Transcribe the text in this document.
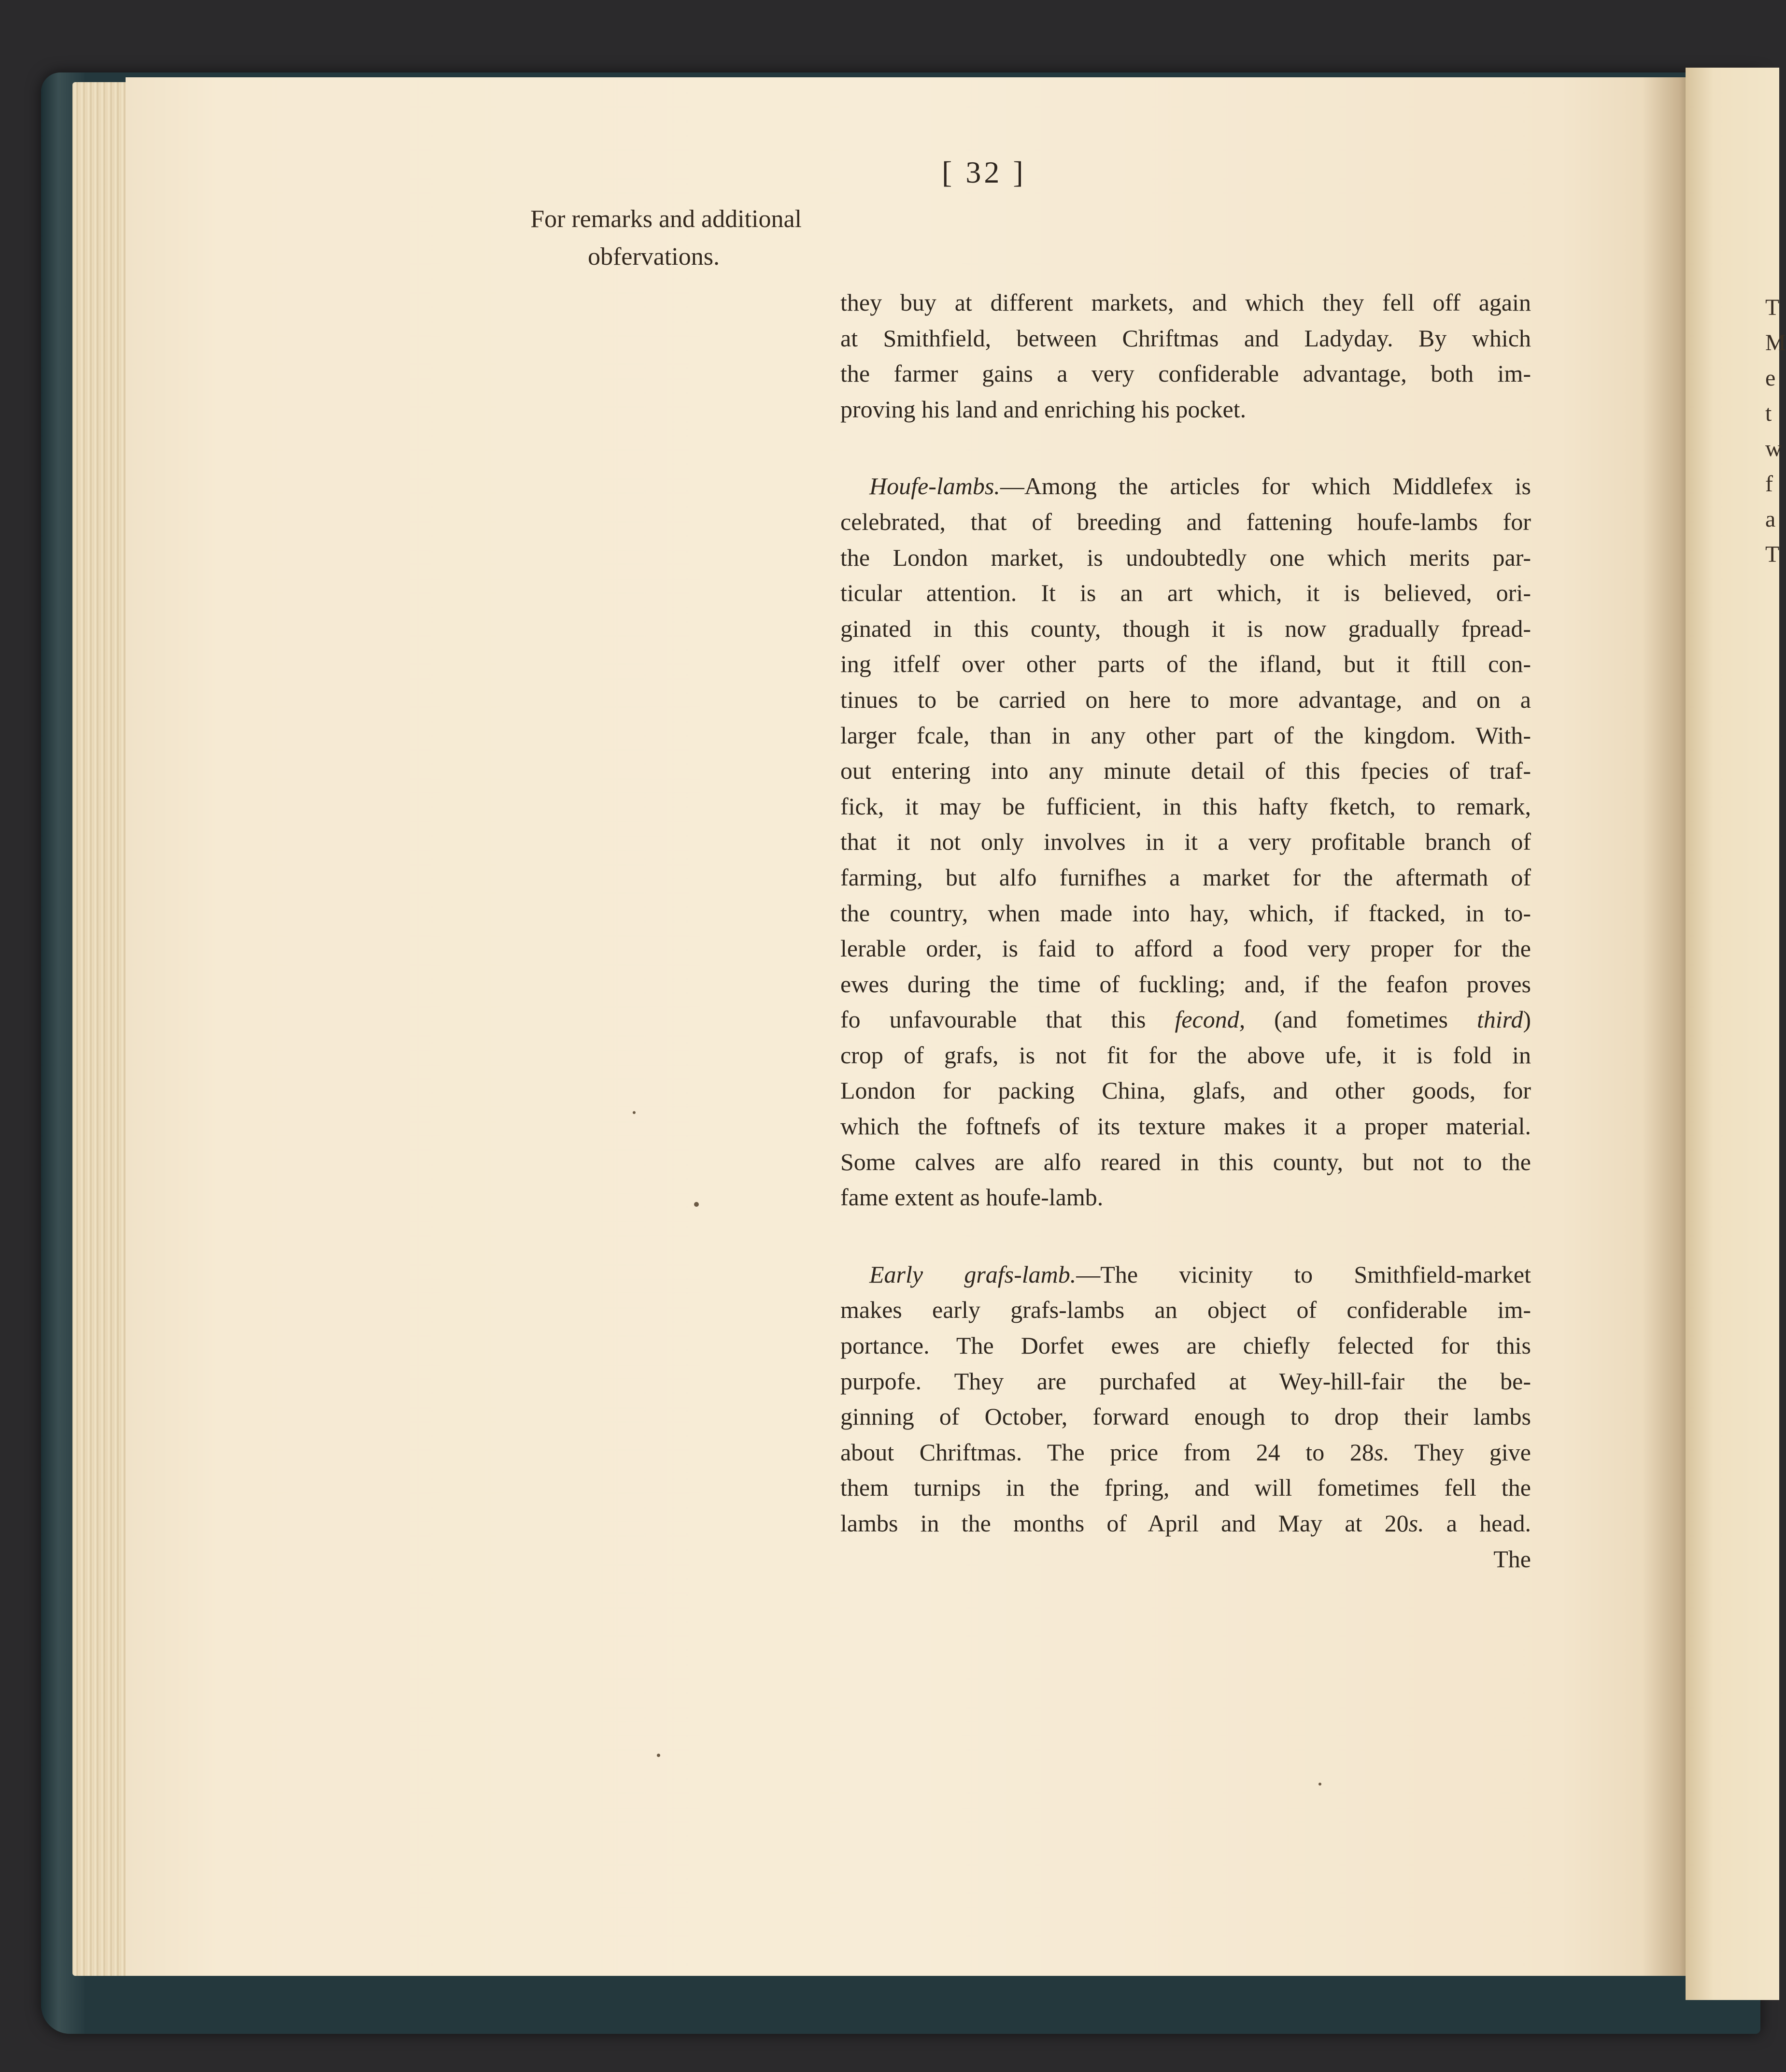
T
M
e
t
w
f
a
T
[ 32 ]
For remarks and additional
obfervations.
they buy at different markets, and which they fell off again
at Smithfield, between Chriftmas and Ladyday. By which
the farmer gains a very confiderable advantage, both im-
proving his land and enriching his pocket.
Houfe-lambs.—Among the articles for which Middlefex is
celebrated, that of breeding and fattening houfe-lambs for
the London market, is undoubtedly one which merits par-
ticular attention. It is an art which, it is believed, ori-
ginated in this county, though it is now gradually fpread-
ing itfelf over other parts of the ifland, but it ftill con-
tinues to be carried on here to more advantage, and on a
larger fcale, than in any other part of the kingdom. With-
out entering into any minute detail of this fpecies of traf-
fick, it may be fufficient, in this hafty fketch, to remark,
that it not only involves in it a very profitable branch of
farming, but alfo furnifhes a market for the aftermath of
the country, when made into hay, which, if ftacked, in to-
lerable order, is faid to afford a food very proper for the
ewes during the time of fuckling; and, if the feafon proves
fo unfavourable that this fecond, (and fometimes third)
crop of grafs, is not fit for the above ufe, it is fold in
London for packing China, glafs, and other goods, for
which the foftnefs of its texture makes it a proper material.
Some calves are alfo reared in this county, but not to the
fame extent as houfe-lamb.
Early grafs-lamb.—The vicinity to Smithfield-market
makes early grafs-lambs an object of confiderable im-
portance. The Dorfet ewes are chiefly felected for this
purpofe. They are purchafed at Wey-hill-fair the be-
ginning of October, forward enough to drop their lambs
about Chriftmas. The price from 24 to 28s. They give
them turnips in the fpring, and will fometimes fell the
lambs in the months of April and May at 20s. a head.
The
